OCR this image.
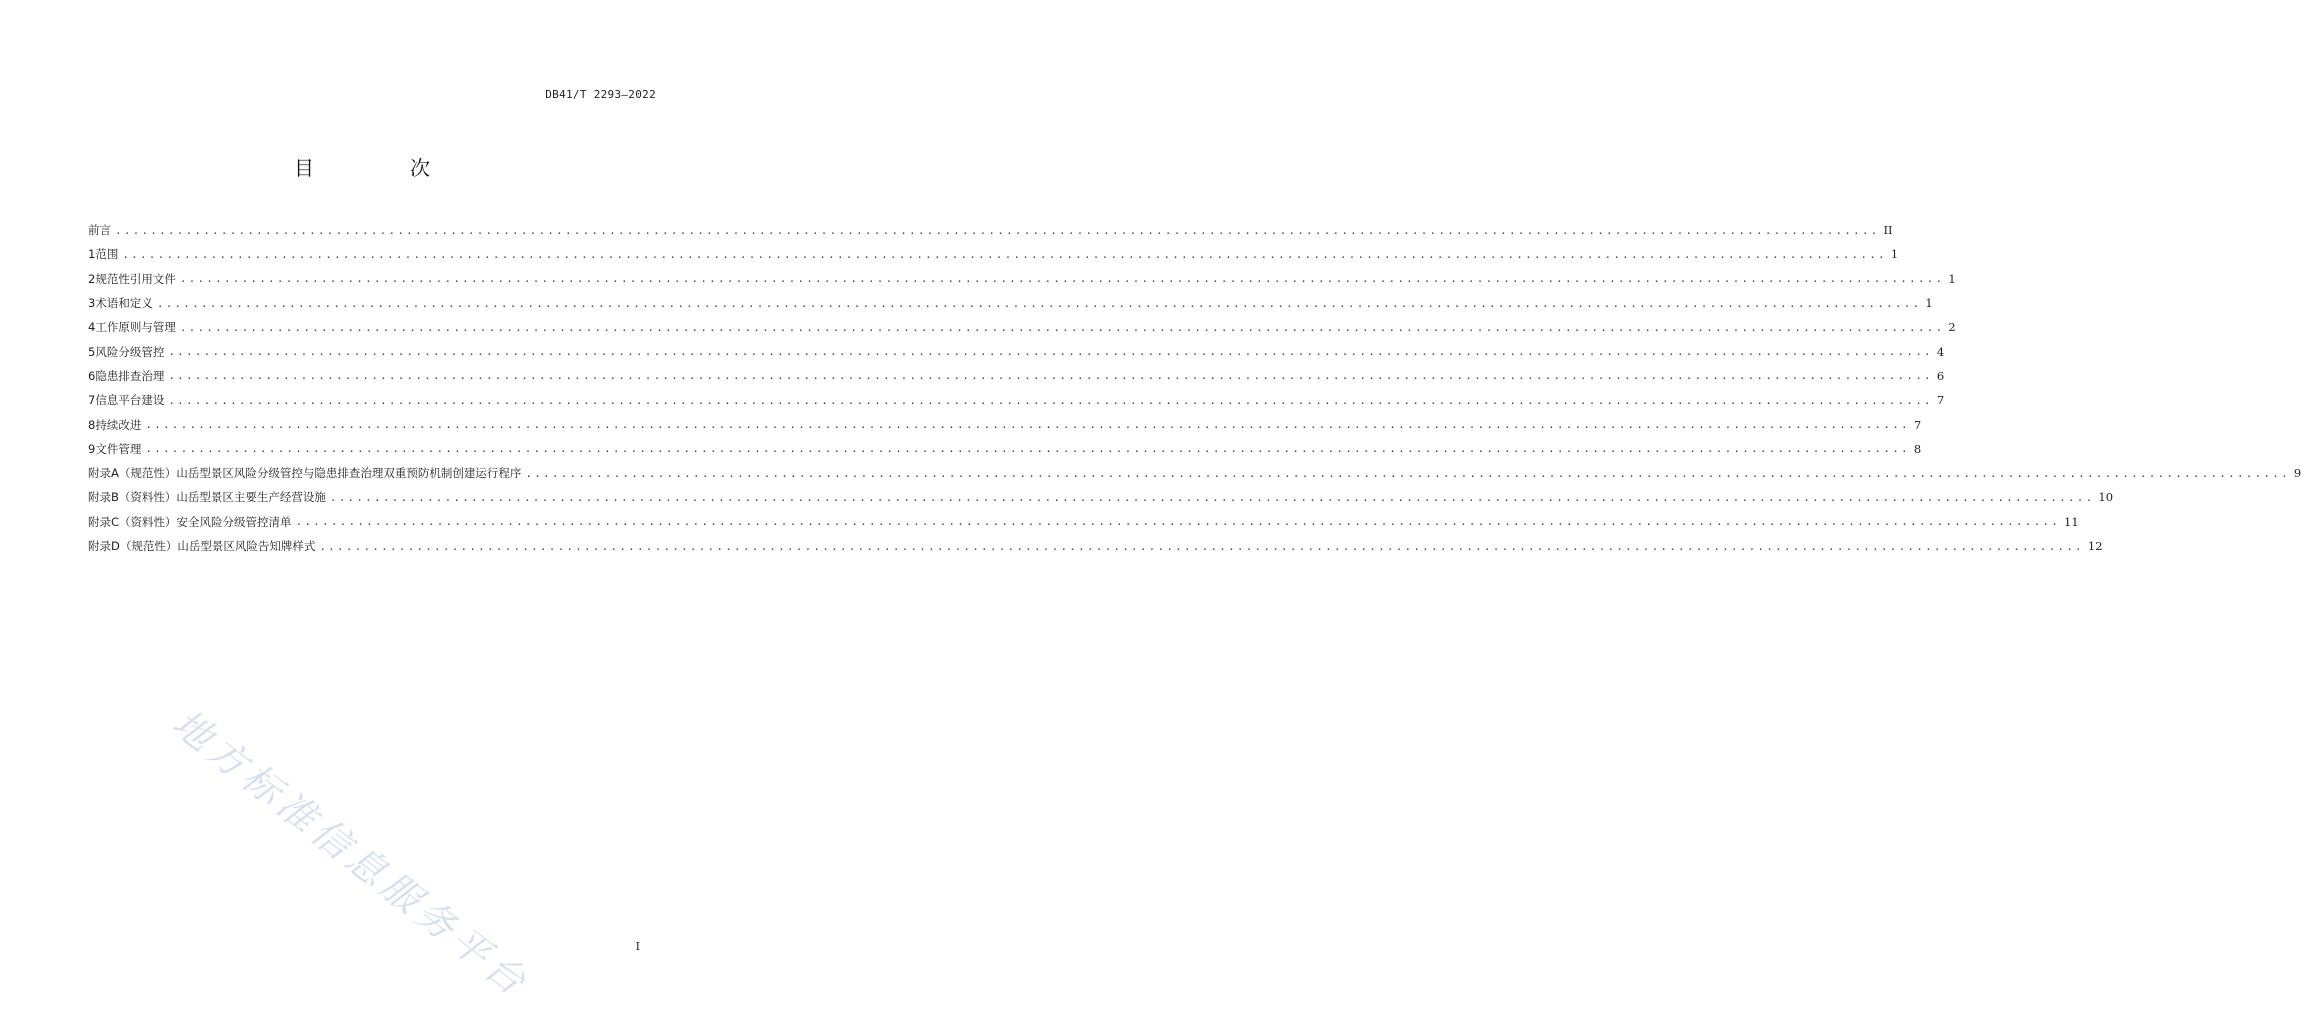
DB41/T 2293—2022
目　次
前言 ........................................................................................................................................................................................................ II
1 范围 ........................................................................................................................................................................................................ 1
2 规范性引用文件 ........................................................................................................................................................................................................ 1
3 术语和定义 ........................................................................................................................................................................................................ 1
4 工作原则与管理 ........................................................................................................................................................................................................ 2
5 风险分级管控 ........................................................................................................................................................................................................ 4
6 隐患排查治理 ........................................................................................................................................................................................................ 6
7 信息平台建设 ........................................................................................................................................................................................................ 7
8 持续改进 ........................................................................................................................................................................................................ 7
9 文件管理 ........................................................................................................................................................................................................ 8
附录A（规范性） 山岳型景区风险分级管控与隐患排查治理双重预防机制创建运行程序 ........................................................................................................................................................................................................ 9
附录B（资料性） 山岳型景区主要生产经营设施 ........................................................................................................................................................................................................ 10
附录C（资料性） 安全风险分级管控清单 ........................................................................................................................................................................................................ 11
附录D（规范性） 山岳型景区风险告知牌样式 ........................................................................................................................................................................................................ 12
地方标准信息服务平台	I
